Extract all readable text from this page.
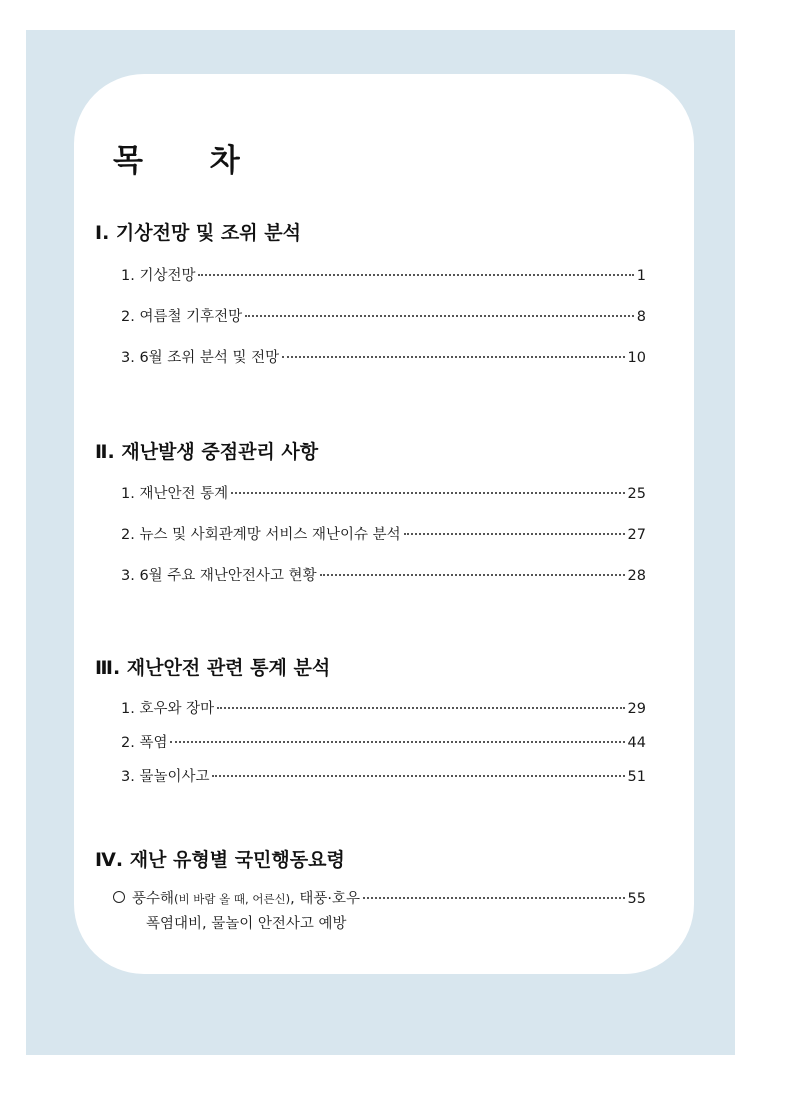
목 차
Ⅰ. 기상전망 및 조위 분석
1. 기상전망	1
2. 여름철 기후전망	8
3. 6월 조위 분석 및 전망	10
Ⅱ. 재난발생 중점관리 사항
1. 재난안전 통계	25
2. 뉴스 및 사회관계망 서비스 재난이슈 분석	27
3. 6월 주요 재난안전사고 현황	28
Ⅲ. 재난안전 관련 통계 분석
1. 호우와 장마	29
2. 폭염	44
3. 물놀이사고	51
Ⅳ. 재난 유형별 국민행동요령
풍수해(비 바람 올 때, 어른신), 태풍·호우	55
폭염대비, 물놀이 안전사고 예방
